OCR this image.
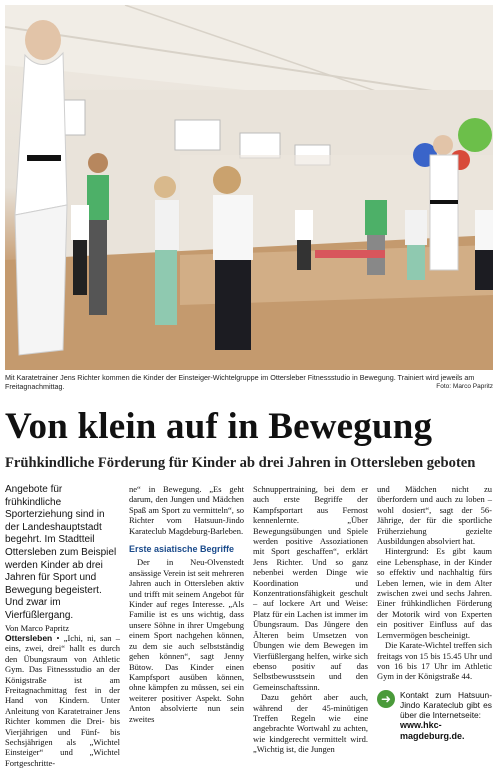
Mit Karatetrainer Jens Richter kommen die Kinder der Einsteiger-Wichtelgruppe im Ottersleber Fitnessstudio in Bewegung. Trainiert wird jeweils am Freitagnachmittag.	Foto: Marco Papritz
Von klein auf in Bewegung
Frühkindliche Förderung für Kinder ab drei Jahren in Ottersleben geboten

Angebote für frühkindliche Sporterziehung sind in der Landeshauptstadt begehrt. Im Stadtteil Ottersleben zum Beispiel werden Kinder ab drei Jahren für Sport und Bewegung begeistert. Und zwar im Vierfüßlergang.

Von Marco Papritz

Ottersleben • „Ichi, ni, san – eins, zwei, drei“ hallt es durch den Übungsraum von Athletic Gym. Das Fitnessstudio an der Königstraße ist am Freitagnachmittag fest in der Hand von Kindern. Unter Anleitung von Karatetrainer Jens Richter kommen die Drei- bis Vierjährigen und Fünf- bis Sechsjährigen als „Wichtel Einsteiger“ und „Wichtel Fortgeschritte-

ne“ in Bewegung. „Es geht darum, den Jungen und Mädchen Spaß am Sport zu vermitteln“, so Richter vom Hatsuun-Jindo Karateclub Magdeburg-Barleben.

Erste asiatische Begriffe

Der in Neu-Olvenstedt ansässige Verein ist seit mehreren Jahren auch in Ottersleben aktiv und trifft mit seinem Angebot für Kinder auf reges Interesse. „Als Familie ist es uns wichtig, dass unsere Söhne in ihrer Umgebung einem Sport nachgehen können, zu dem sie auch selbstständig gehen können“, sagt Jenny Bütow. Das Kinder einen Kampfsport ausüben können, ohne kämpfen zu müssen, sei ein weiterer positiver Aspekt. Sohn Anton absolvierte nun sein zweites

Schnuppertraining, bei dem er auch erste Begriffe der Kampfsportart aus Fernost kennenlernte. „Über Bewegungsübungen und Spiele werden positive Assoziationen mit Sport geschaffen“, erklärt Jens Richter. Und so ganz nebenbei werden Dinge wie Koordination und Konzentrationsfähigkeit geschult – auf lockere Art und Weise: Platz für ein Lachen ist immer im Übungsraum. Das Jüngere den Älteren beim Umsetzen von Übungen wie dem Bewegen im Vierfüßlergang helfen, wirke sich ebenso positiv auf das Selbstbewusstsein und den Gemeinschaftssinn.

Dazu gehört aber auch, während der 45-minütigen Treffen Regeln wie eine angebrachte Wortwahl zu achten, wie kindgerecht vermittelt wird. „Wichtig ist, die Jungen

und Mädchen nicht zu überfordern und auch zu loben – wohl dosiert“, sagt der 56-Jährige, der für die sportliche Früherziehung gezielte Ausbildungen absolviert hat.

Hintergrund: Es gibt kaum eine Lebensphase, in der Kinder so effektiv und nachhaltig fürs Leben lernen, wie in dem Alter zwischen zwei und sechs Jahren. Einer frühkindlichen Förderung der Motorik wird von Experten ein positiver Einfluss auf das Lernvermögen bescheinigt.

Die Karate-Wichtel treffen sich freitags von 15 bis 15.45 Uhr und von 16 bis 17 Uhr im Athletic Gym in der Königstraße 44.

➜	Kontakt zum Hatsuun-Jindo Karateclub gibt es über die Internetseite:
www.hkc-magdeburg.de.
